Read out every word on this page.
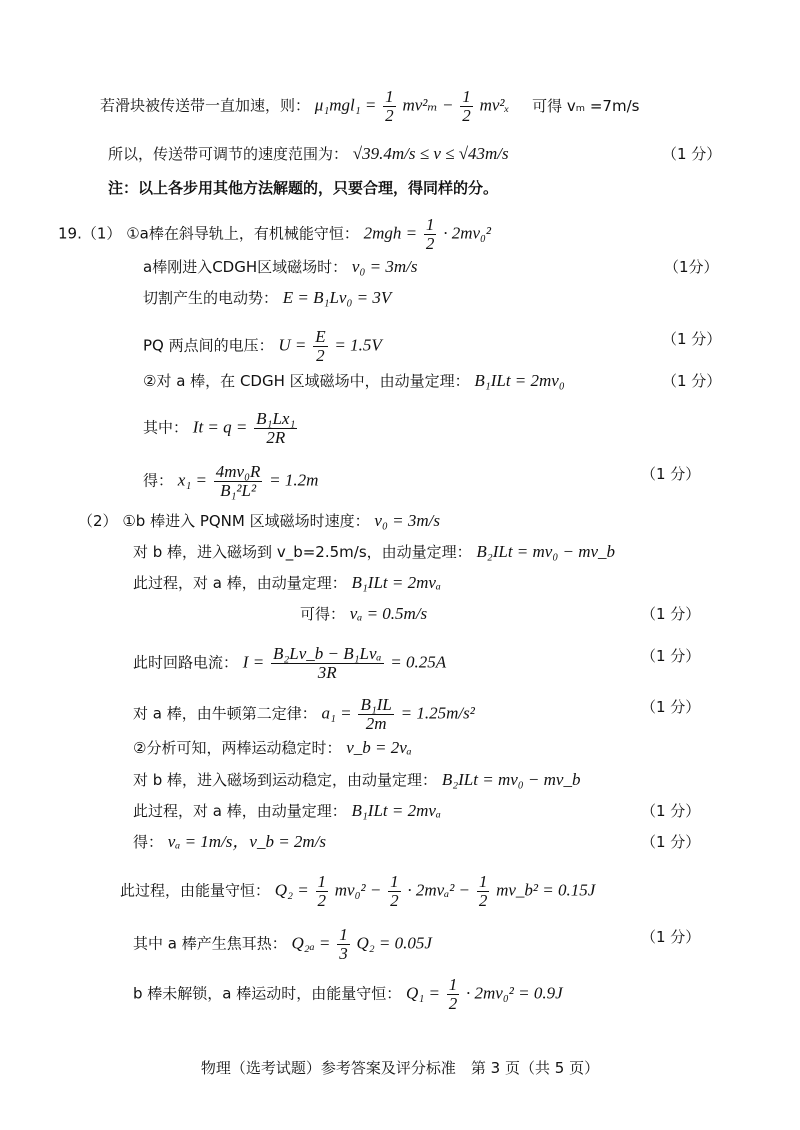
若滑块被传送带一直加速，则： $\mu_1mgl_1 = \frac{1}{2} mv^2_m - \frac{1}{2} mv^2_x$ 可得 vₘ =7m/s
所以，传送带可调节的速度范围为： √39.4m/s ≤ v ≤ √43m/s	（1 分）
注：以上各步用其他方法解题的，只要合理，得同样的分。
19.（1） ①a棒在斜导轨上，有机械能守恒： $2mgh = \frac{1}{2} \cdot 2mv_0^2$
a棒刚进入CDGH区域磁场时： v₀ = 3m/s	（1分）
切割产生的电动势： E = B₁Lv₀ = 3V
PQ 两点间的电压： $U = \frac{E}{2} = 1.5V$	（1 分）
②对 a 棒，在 CDGH 区域磁场中，由动量定理： B₁ILt = 2mv₀	（1 分）
其中： $It = q = \frac{\text{B₁Lx₁}}{2R}$
得： $x_1 = \frac{\text{4mv₀R}}{\text{B₁²L²}} = 1.2m$	（1 分）
（2） ①b 棒进入 PQNM 区域磁场时速度： v₀ = 3m/s
对 b 棒，进入磁场到 v_b=2.5m/s，由动量定理： B₂ILt = mv₀ − mv_b
此过程，对 a 棒，由动量定理： B₁ILt = 2mvₐ
可得： vₐ = 0.5m/s	（1 分）
此时回路电流： $I = \frac{\text{B₂Lv\_b − B₁Lvₐ}}{3R} = 0.25A$	（1 分）
对 a 棒，由牛顿第二定律： $a_1 = \frac{\text{B₁IL}}{2m} = 1.25m/s^2$	（1 分）
②分析可知，两棒运动稳定时： v_b = 2vₐ
对 b 棒，进入磁场到运动稳定，由动量定理： B₂ILt = mv₀ − mv_b
此过程，对 a 棒，由动量定理： B₁ILt = 2mvₐ	（1 分）
得： vₐ = 1m/s，v_b = 2m/s	（1 分）
此过程，由能量守恒： $Q_2 = \frac{1}{2} mv_0^2 - \frac{1}{2} \cdot 2mv_a^2 - \frac{1}{2}$ mv_b² = 0.15J
其中 a 棒产生焦耳热： $Q_{2a} = \frac{1}{3} Q_2 = 0.05J$	（1 分）
b 棒未解锁，a 棒运动时，由能量守恒： $Q_1 = \frac{1}{2} \cdot 2mv_0^2 = 0.9J$
物理（选考试题）参考答案及评分标准　第 3 页（共 5 页）
